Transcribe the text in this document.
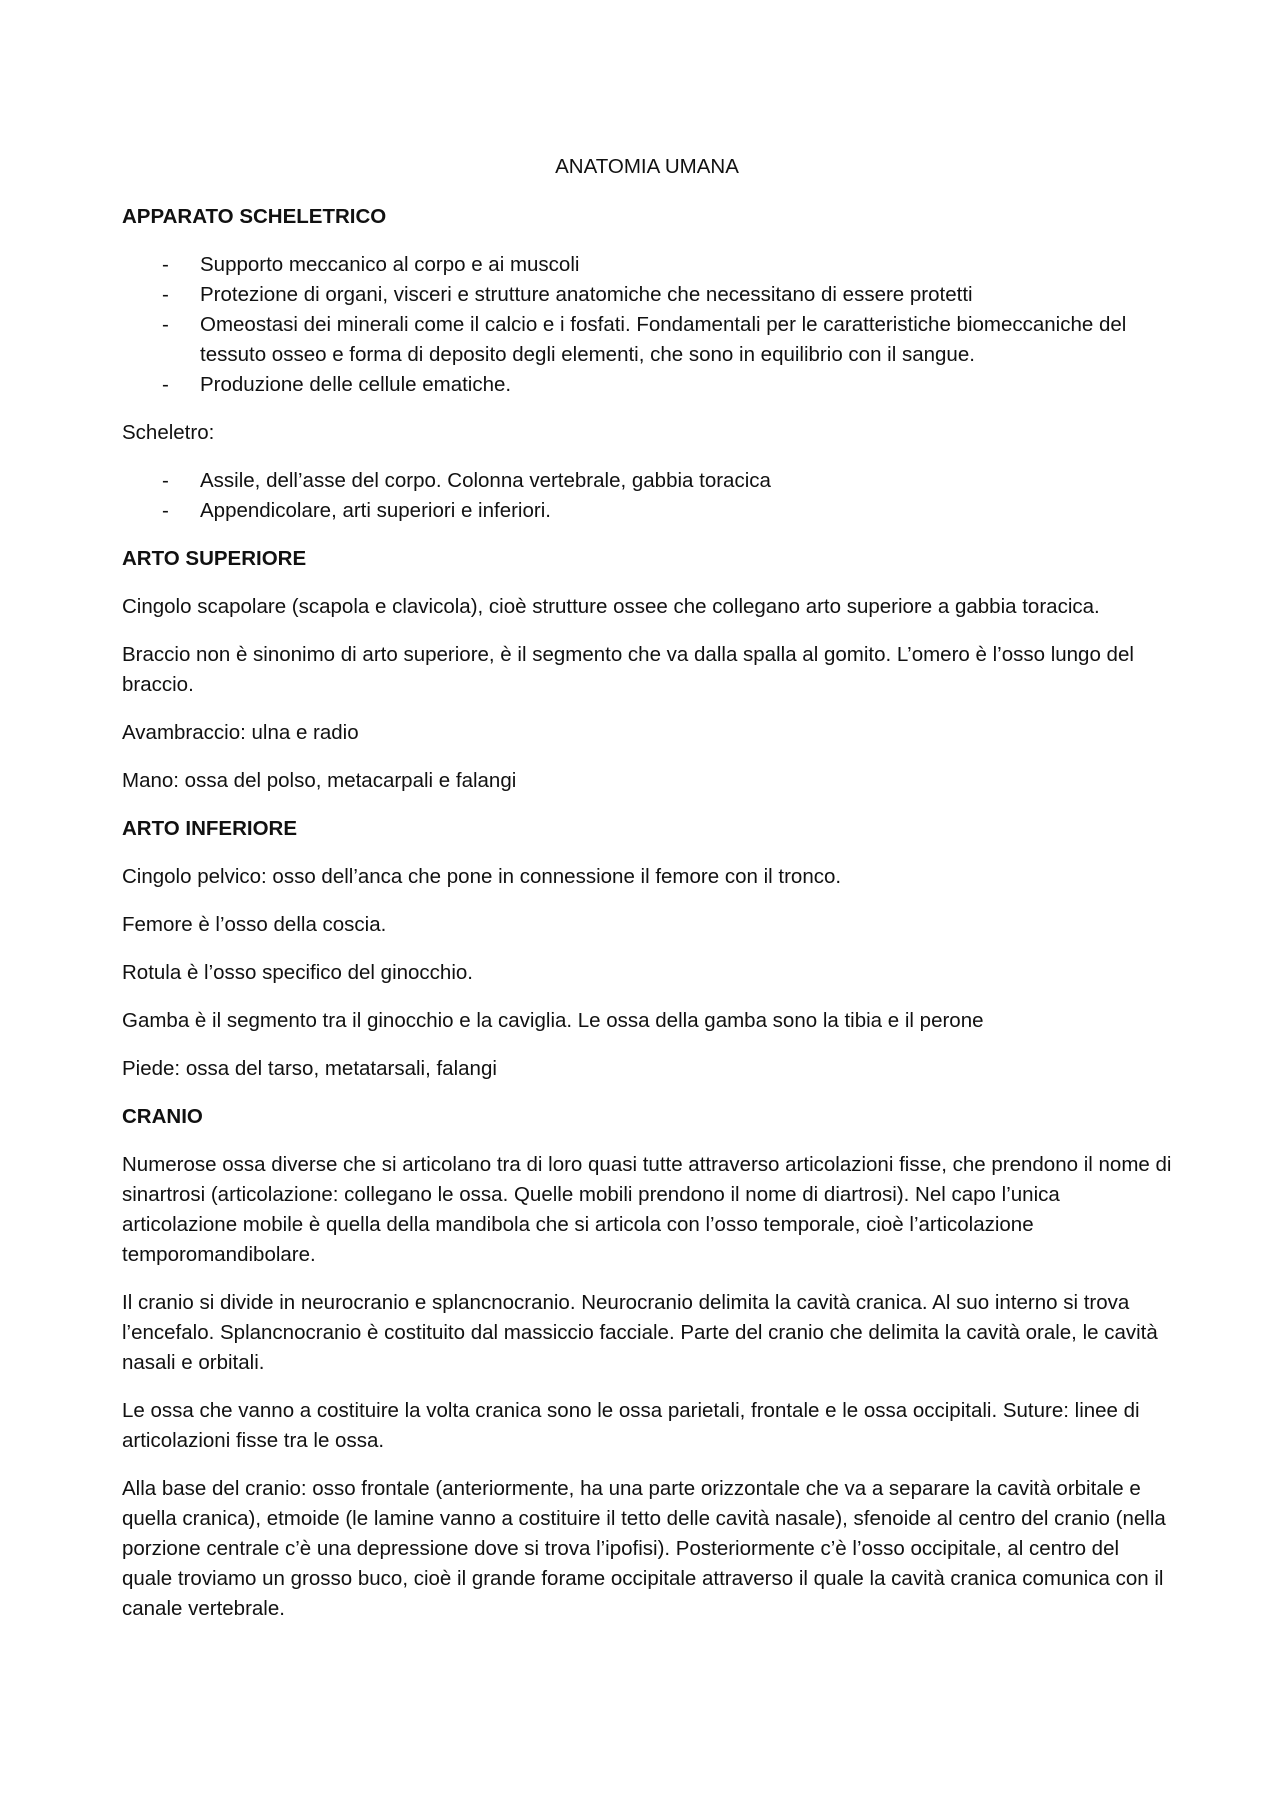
ANATOMIA UMANA

APPARATO SCHELETRICO

- Supporto meccanico al corpo e ai muscoli
- Protezione di organi, visceri e strutture anatomiche che necessitano di essere protetti
- Omeostasi dei minerali come il calcio e i fosfati. Fondamentali per le caratteristiche biomeccaniche del tessuto osseo e forma di deposito degli elementi, che sono in equilibrio con il sangue.
- Produzione delle cellule ematiche.

Scheletro:

- Assile, dell’asse del corpo. Colonna vertebrale, gabbia toracica
- Appendicolare, arti superiori e inferiori.

ARTO SUPERIORE

Cingolo scapolare (scapola e clavicola), cioè strutture ossee che collegano arto superiore a gabbia toracica.

Braccio non è sinonimo di arto superiore, è il segmento che va dalla spalla al gomito. L’omero è l’osso lungo del braccio.

Avambraccio: ulna e radio

Mano: ossa del polso, metacarpali e falangi

ARTO INFERIORE

Cingolo pelvico: osso dell’anca che pone in connessione il femore con il tronco.

Femore è l’osso della coscia.

Rotula è l’osso specifico del ginocchio.

Gamba è il segmento tra il ginocchio e la caviglia. Le ossa della gamba sono la tibia e il perone

Piede: ossa del tarso, metatarsali, falangi

CRANIO

Numerose ossa diverse che si articolano tra di loro quasi tutte attraverso articolazioni fisse, che prendono il nome di sinartrosi (articolazione: collegano le ossa. Quelle mobili prendono il nome di diartrosi). Nel capo l’unica articolazione mobile è quella della mandibola che si articola con l’osso temporale, cioè l’articolazione temporomandibolare.

Il cranio si divide in neurocranio e splancnocranio. Neurocranio delimita la cavità cranica. Al suo interno si trova l’encefalo. Splancnocranio è costituito dal massiccio facciale. Parte del cranio che delimita la cavità orale, le cavità nasali e orbitali.

Le ossa che vanno a costituire la volta cranica sono le ossa parietali, frontale e le ossa occipitali. Suture: linee di articolazioni fisse tra le ossa.

Alla base del cranio: osso frontale (anteriormente, ha una parte orizzontale che va a separare la cavità orbitale e quella cranica), etmoide (le lamine vanno a costituire il tetto delle cavità nasale), sfenoide al centro del cranio (nella porzione centrale c’è una depressione dove si trova l’ipofisi). Posteriormente c’è l’osso occipitale, al centro del quale troviamo un grosso buco, cioè il grande forame occipitale attraverso il quale la cavità cranica comunica con il canale vertebrale.
